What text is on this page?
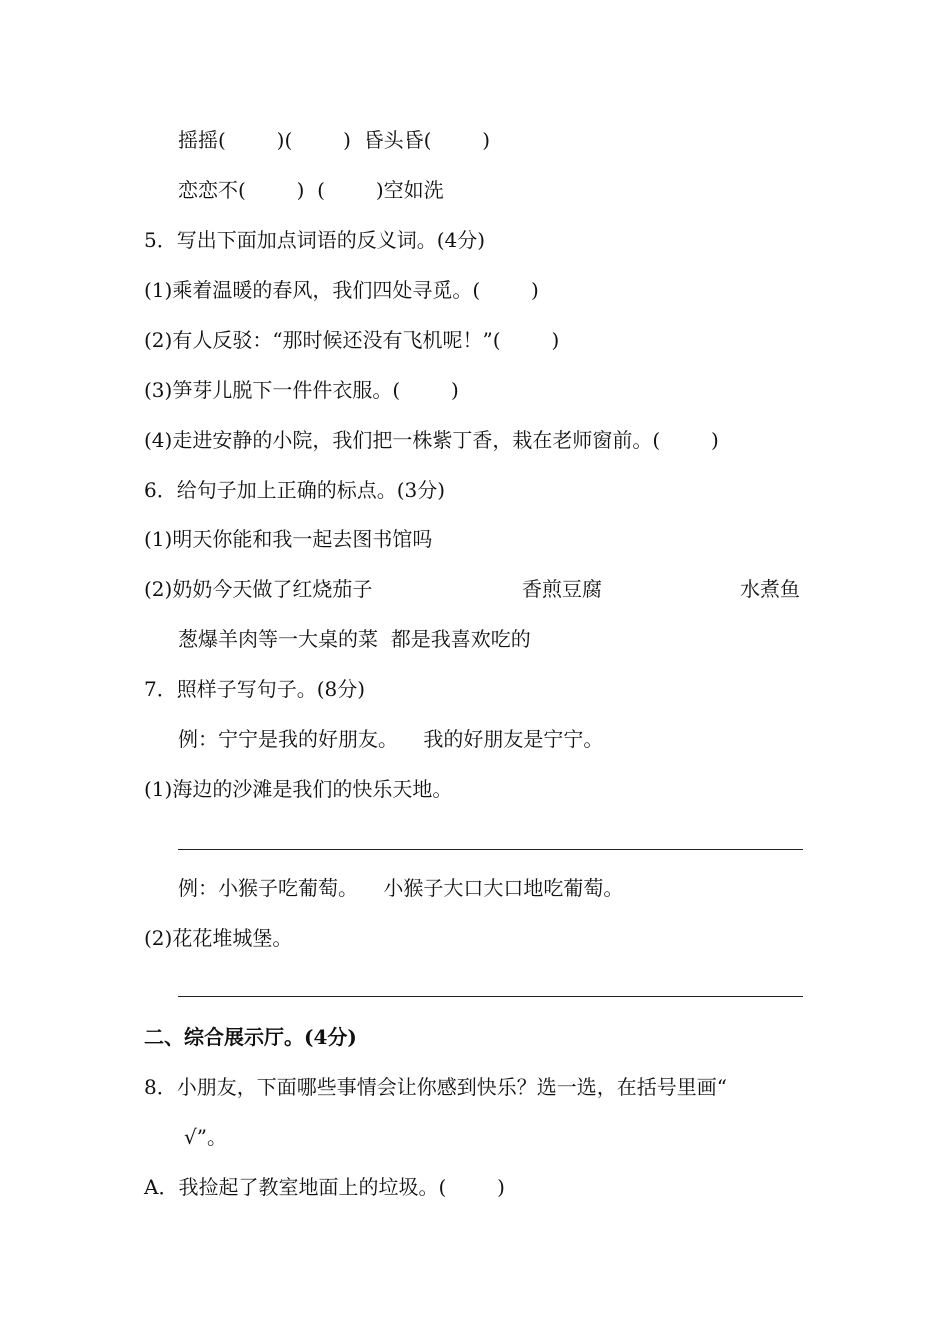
摇摇(        )(        )  昏头昏(        )
恋恋不(        )  (        )空如洗
5．写出下面加点词语的反义词。(4分)
(1)乘着温暖的春风，我们四处寻觅。(        )
(2)有人反驳：“那时候还没有飞机呢！”(        )
(3)笋芽儿脱下一件件衣服。(        )
(4)走进安静的小院，我们把一株紫丁香，栽在老师窗前。(        )
6．给句子加上正确的标点。(3分)
(1)明天你能和我一起去图书馆吗
(2)奶奶今天做了红烧茄子	香煎豆腐	水煮鱼
葱爆羊肉等一大桌的菜  都是我喜欢吃的
7．照样子写句子。(8分)
例：宁宁是我的好朋友。    我的好朋友是宁宁。
(1)海边的沙滩是我们的快乐天地。
例：小猴子吃葡萄。    小猴子大口大口地吃葡萄。
(2)花花堆城堡。
二、综合展示厅。(4分)
8．小朋友，下面哪些事情会让你感到快乐？选一选，在括号里画“
√”。
A．我捡起了教室地面上的垃圾。(        )
